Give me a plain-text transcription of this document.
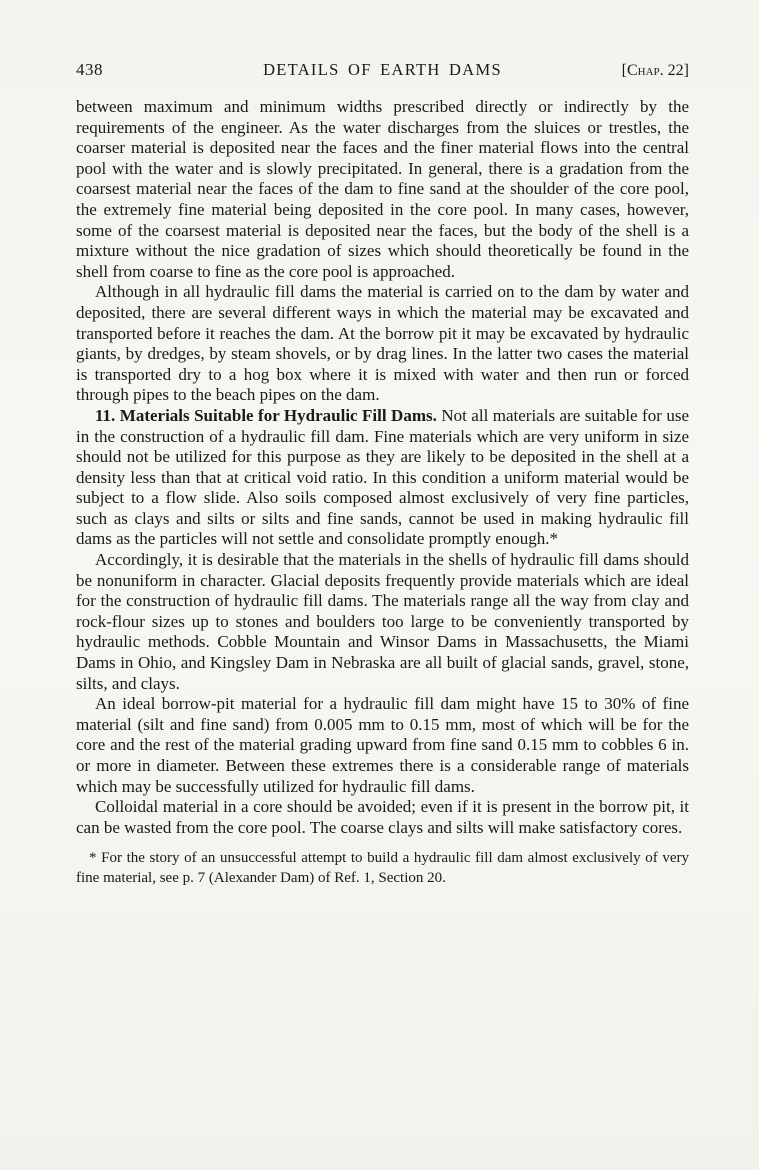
438	DETAILS OF EARTH DAMS	[Chap. 22]

between maximum and minimum widths prescribed directly or indirectly by the requirements of the engineer. As the water discharges from the sluices or trestles, the coarser material is deposited near the faces and the finer material flows into the central pool with the water and is slowly precipitated. In general, there is a gradation from the coarsest material near the faces of the dam to fine sand at the shoulder of the core pool, the extremely fine material being deposited in the core pool. In many cases, however, some of the coarsest material is deposited near the faces, but the body of the shell is a mixture without the nice gradation of sizes which should theoretically be found in the shell from coarse to fine as the core pool is approached.

Although in all hydraulic fill dams the material is carried on to the dam by water and deposited, there are several different ways in which the material may be excavated and transported before it reaches the dam. At the borrow pit it may be excavated by hydraulic giants, by dredges, by steam shovels, or by drag lines. In the latter two cases the material is transported dry to a hog box where it is mixed with water and then run or forced through pipes to the beach pipes on the dam.

11. Materials Suitable for Hydraulic Fill Dams. Not all materials are suitable for use in the construction of a hydraulic fill dam. Fine materials which are very uniform in size should not be utilized for this purpose as they are likely to be deposited in the shell at a density less than that at critical void ratio. In this condition a uniform material would be subject to a flow slide. Also soils composed almost exclusively of very fine particles, such as clays and silts or silts and fine sands, cannot be used in making hydraulic fill dams as the particles will not settle and consolidate promptly enough.*

Accordingly, it is desirable that the materials in the shells of hydraulic fill dams should be nonuniform in character. Glacial deposits frequently provide materials which are ideal for the construction of hydraulic fill dams. The materials range all the way from clay and rock-flour sizes up to stones and boulders too large to be conveniently transported by hydraulic methods. Cobble Mountain and Winsor Dams in Massachusetts, the Miami Dams in Ohio, and Kingsley Dam in Nebraska are all built of glacial sands, gravel, stone, silts, and clays.

An ideal borrow-pit material for a hydraulic fill dam might have 15 to 30% of fine material (silt and fine sand) from 0.005 mm to 0.15 mm, most of which will be for the core and the rest of the material grading upward from fine sand 0.15 mm to cobbles 6 in. or more in diameter. Between these extremes there is a considerable range of materials which may be successfully utilized for hydraulic fill dams.

Colloidal material in a core should be avoided; even if it is present in the borrow pit, it can be wasted from the core pool. The coarse clays and silts will make satisfactory cores.

* For the story of an unsuccessful attempt to build a hydraulic fill dam almost exclusively of very fine material, see p. 7 (Alexander Dam) of Ref. 1, Section 20.
